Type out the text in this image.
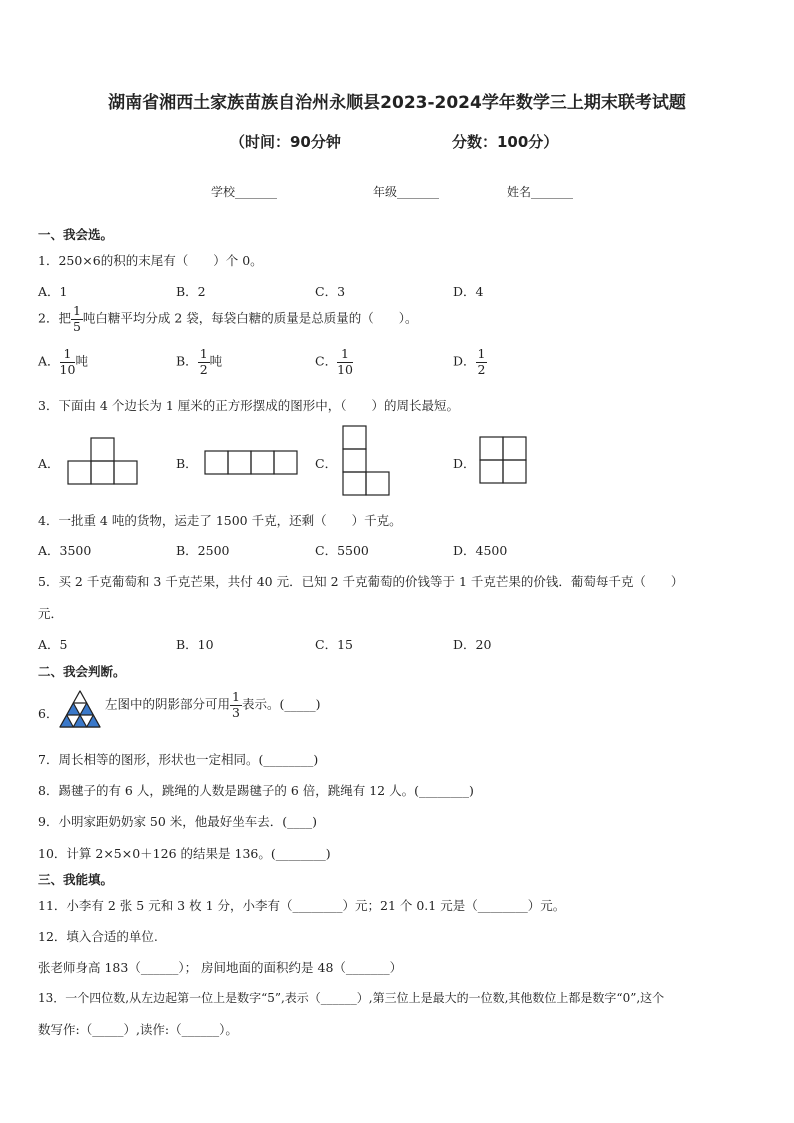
湖南省湘西土家族苗族自治州永顺县2023-2024学年数学三上期末联考试题
（时间：90分钟	分数：100分）
学校_______	年级_______	姓名_______
一、我会选。
1．250×6的积的末尾有（　　）个 0。
A．1	B．2	C．3	D．4
2．把 $\frac{1}{5}$ 吨白糖平均分成 2 袋，每袋白糖的质量是总质量的（　　）。
A． $\frac{1}{10}$ 吨	B． $\frac{1}{2}$ 吨	C． $\frac{1}{10}$	D． $\frac{1}{2}$
3．下面由 4 个边长为 1 厘米的正方形摆成的图形中，（　　）的周长最短。
A．	B．	C．	D．
4．一批重 4 吨的货物，运走了 1500 千克，还剩（　　）千克。
A．3500	B．2500	C．5500	D．4500
5．买 2 千克葡萄和 3 千克芒果，共付 40 元．已知 2 千克葡萄的价钱等于 1 千克芒果的价钱．葡萄每千克（　　）
元．
A．5	B．10	C．15	D．20
二、我会判断。
6．
左图中的阴影部分可用 $\frac{1}{3}$ 表示。(_____)
7．周长相等的图形，形状也一定相同。(________)
8．踢毽子的有 6 人，跳绳的人数是踢毽子的 6 倍，跳绳有 12 人。(________)
9．小明家距奶奶家 50 米，他最好坐车去．(____)
10．计算 2×5×0＋126 的结果是 136。(________)
三、我能填。
11．小李有 2 张 5 元和 3 枚 1 分，小李有（________）元；21 个 0.1 元是（________）元。
12．填入合适的单位.
张老师身高 183（______）； 房间地面的面积约是 48（_______）
13．一个四位数,从左边起第一位上是数字“5”,表示（______）,第三位上是最大的一位数,其他数位上都是数字“0”,这个
数写作:（_____）,读作:（______）。
